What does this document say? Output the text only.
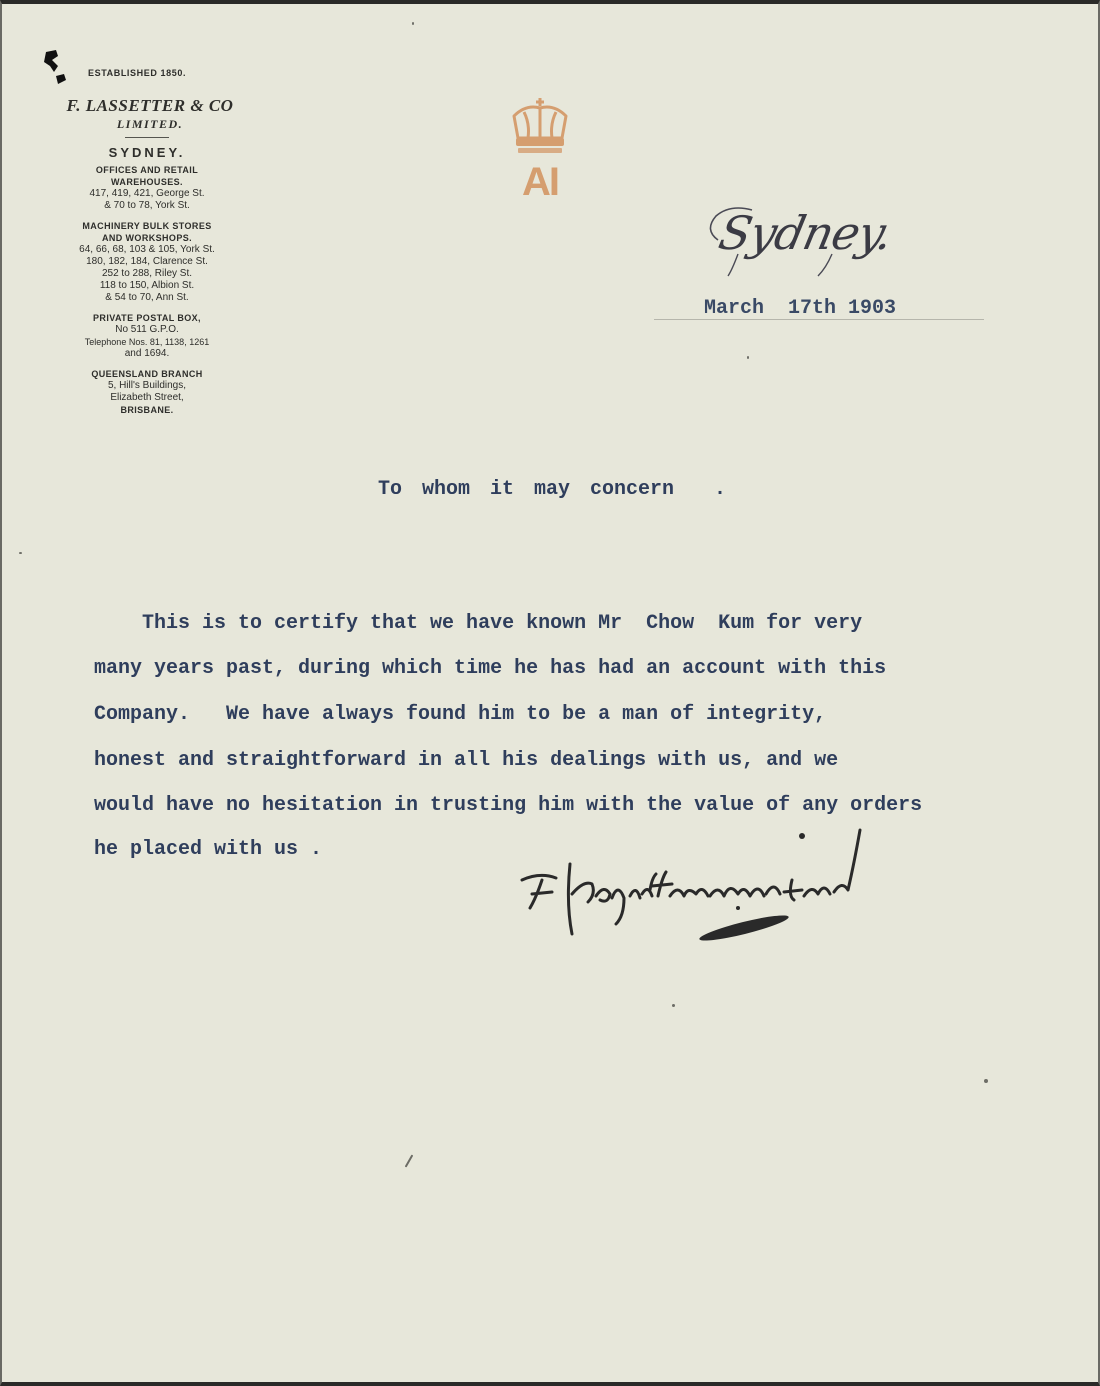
ESTABLISHED 1850.
F. LASSETTER & CO
LIMITED.
SYDNEY.
OFFICES AND RETAIL
WAREHOUSES.
417, 419, 421, George St.
& 70 to 78, York St.
MACHINERY BULK STORES
AND WORKSHOPS.
64, 66, 68, 103 & 105, York St.
180, 182, 184, Clarence St.
252 to 288, Riley St.
118 to 150, Albion St.
& 54 to 70, Ann St.
PRIVATE POSTAL BOX,
No 511 G.P.O.
Telephone Nos. 81, 1138, 1261
and 1694.
QUEENSLAND BRANCH
5, Hill's Buildings,
Elizabeth Street,
BRISBANE.
AI
Sydney.
March  17th 1903
To whom it may concern  .
This is to certify that we have known Mr  Chow  Kum for very
many years past, during which time he has had an account with this
Company.   We have always found him to be a man of integrity,
honest and straightforward in all his dealings with us, and we
would have no hesitation in trusting him with the value of any orders
he placed with us .
